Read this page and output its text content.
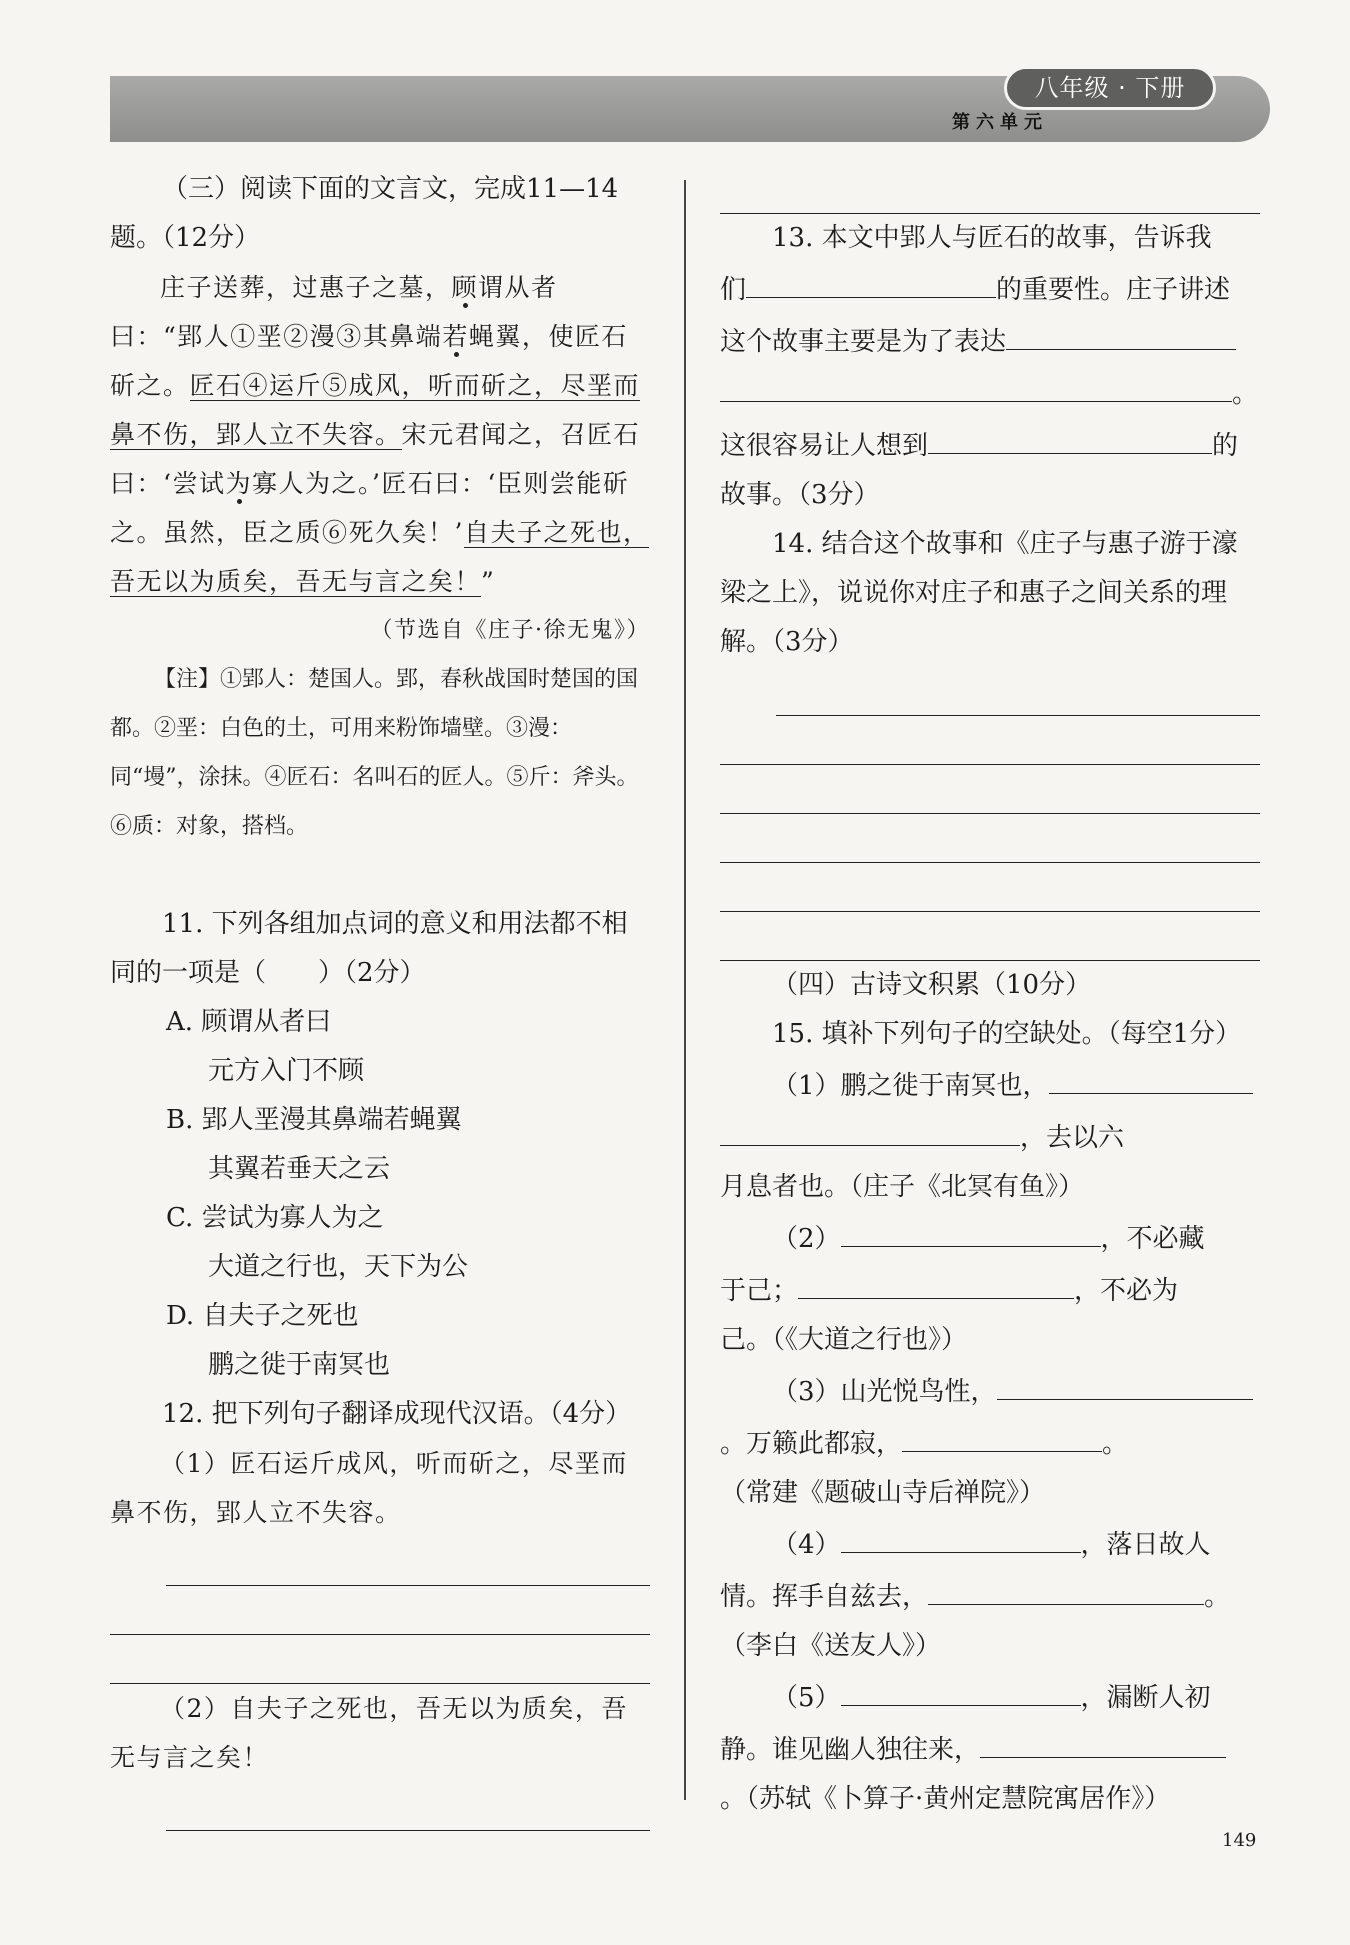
八年级 · 下册
第六单元

（三）阅读下面的文言文，完成11—14题。（12分）

庄子送葬，过惠子之墓，顾谓从者曰：“郢人①垩②漫③其鼻端若蝇翼，使匠石斫之。匠石④运斤⑤成风，听而斫之，尽垩而鼻不伤，郢人立不失容。宋元君闻之，召匠石曰：‘尝试为寡人为之。’匠石曰：‘臣则尝能斫之。虽然，臣之质⑥死久矣！’自夫子之死也，吾无以为质矣，吾无与言之矣！”

（节选自《庄子·徐无鬼》）

【注】①郢人：楚国人。郢，春秋战国时楚国的国都。②垩：白色的土，可用来粉饰墙壁。③漫：同“墁”，涂抹。④匠石：名叫石的匠人。⑤斤：斧头。⑥质：对象，搭档。

11. 下列各组加点词的意义和用法都不相同的一项是（　　）（2分）

A. 顾谓从者曰

元方入门不顾

B. 郢人垩漫其鼻端若蝇翼

其翼若垂天之云

C. 尝试为寡人为之

大道之行也，天下为公

D. 自夫子之死也

鹏之徙于南冥也

12. 把下列句子翻译成现代汉语。（4分）

（1）匠石运斤成风，听而斫之，尽垩而鼻不伤，郢人立不失容。

（2）自夫子之死也，吾无以为质矣，吾无与言之矣！

13. 本文中郢人与匠石的故事，告诉我

们	的重要性。庄子讲述

这个故事主要是为了表达

。

这很容易让人想到	的

故事。（3分）

14. 结合这个故事和《庄子与惠子游于濠梁之上》，说说你对庄子和惠子之间关系的理解。（3分）

（四）古诗文积累（10分）

15. 填补下列句子的空缺处。（每空1分）

（1）鹏之徙于南冥也，

，去以六

月息者也。（庄子《北冥有鱼》）

（2）	，不必藏

于己；	，不必为

己。（《大道之行也》）

（3）山光悦鸟性，

。万籁此都寂，	。

（常建《题破山寺后禅院》）

（4）	，落日故人

情。挥手自兹去，	。

（李白《送友人》）

（5）	，漏断人初

静。谁见幽人独往来，

。（苏轼《卜算子·黄州定慧院寓居作》）

149
